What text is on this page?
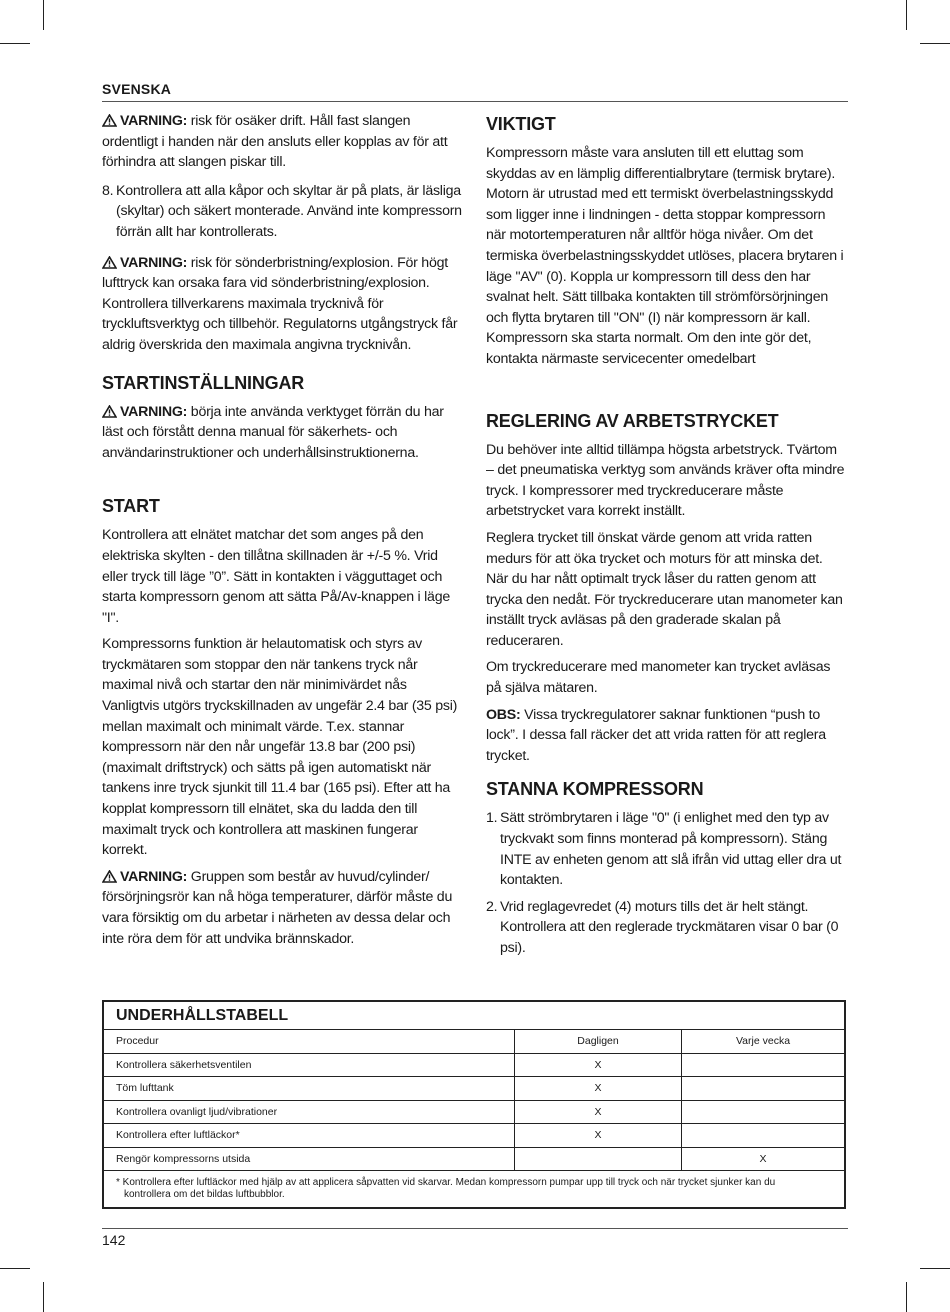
SVENSKA

VARNING: risk för osäker drift. Håll fast slangen ordentligt i handen när den ansluts eller kopplas av för att förhindra att slangen piskar till.

8. Kontrollera att alla kåpor och skyltar är på plats, är läsliga (skyltar) och säkert monterade. Använd inte kompressorn förrän allt har kontrollerats.

VARNING: risk för sönderbristning/explosion. För högt lufttryck kan orsaka fara vid sönderbristning/explosion. Kontrollera tillverkarens maximala trycknivå för tryckluftsverktyg och tillbehör. Regulatorns utgångstryck får aldrig överskrida den maximala angivna trycknivån.

STARTINSTÄLLNINGAR

VARNING: börja inte använda verktyget förrän du har läst och förstått denna manual för säkerhets- och användarinstruktioner och underhållsinstruktionerna.

START

Kontrollera att elnätet matchar det som anges på den elektriska skylten - den tillåtna skillnaden är +/-5 %. Vrid eller tryck till läge ”0”. Sätt in kontakten i vägguttaget och starta kompressorn genom att sätta På/Av-knappen i läge "I".

Kompressorns funktion är helautomatisk och styrs av tryckmätaren som stoppar den när tankens tryck når maximal nivå och startar den när minimivärdet nås Vanligtvis utgörs tryckskillnaden av ungefär 2.4 bar (35 psi) mellan maximalt och minimalt värde. T.ex. stannar kompressorn när den når ungefär 13.8 bar (200 psi) (maximalt driftstryck) och sätts på igen automatiskt när tankens inre tryck sjunkit till 11.4 bar (165 psi). Efter att ha kopplat kompressorn till elnätet, ska du ladda den till maximalt tryck och kontrollera att maskinen fungerar korrekt.

VARNING: Gruppen som består av huvud/cylinder/ försörjningsrör kan nå höga temperaturer, därför måste du vara försiktig om du arbetar i närheten av dessa delar och inte röra dem för att undvika brännskador.

VIKTIGT

Kompressorn måste vara ansluten till ett eluttag som skyddas av en lämplig differentialbrytare (termisk brytare). Motorn är utrustad med ett termiskt överbelastningsskydd som ligger inne i lindningen - detta stoppar kompressorn när motortemperaturen når alltför höga nivåer. Om det termiska överbelastningsskyddet utlöses, placera brytaren i läge "AV" (0). Koppla ur kompressorn till dess den har svalnat helt. Sätt tillbaka kontakten till strömförsörjningen och flytta brytaren till "ON" (I) när kompressorn är kall. Kompressorn ska starta normalt. Om den inte gör det, kontakta närmaste servicecenter omedelbart

REGLERING AV ARBETSTRYCKET

Du behöver inte alltid tillämpa högsta arbetstryck. Tvärtom – det pneumatiska verktyg som används kräver ofta mindre tryck. I kompressorer med tryckreducerare måste arbetstrycket vara korrekt inställt.

Reglera trycket till önskat värde genom att vrida ratten medurs för att öka trycket och moturs för att minska det. När du har nått optimalt tryck låser du ratten genom att trycka den nedåt. För tryckreducerare utan manometer kan inställt tryck avläsas på den graderade skalan på reduceraren.

Om tryckreducerare med manometer kan trycket avläsas på själva mätaren.

OBS: Vissa tryckregulatorer saknar funktionen “push to lock”. I dessa fall räcker det att vrida ratten för att reglera trycket.

STANNA KOMPRESSORN
1. Sätt strömbrytaren i läge "0" (i enlighet med den typ av tryckvakt som finns monterad på kompressorn). Stäng INTE av enheten genom att slå ifrån vid uttag eller dra ut kontakten.
2. Vrid reglagevredet (4) moturs tills det är helt stängt. Kontrollera att den reglerade tryckmätaren visar 0 bar (0 psi).
UNDERHÅLLSTABELL
Procedur	Dagligen	Varje vecka
Kontrollera säkerhetsventilen	X	
Töm lufttank	X	
Kontrollera ovanligt ljud/vibrationer	X	
Kontrollera efter luftläckor*	X	
Rengör kompressorns utsida		X
* Kontrollera efter luftläckor med hjälp av att applicera såpvatten vid skarvar. Medan kompressorn pumpar upp till tryck och när trycket sjunker kan du
kontrollera om det bildas luftbubblor.
142
